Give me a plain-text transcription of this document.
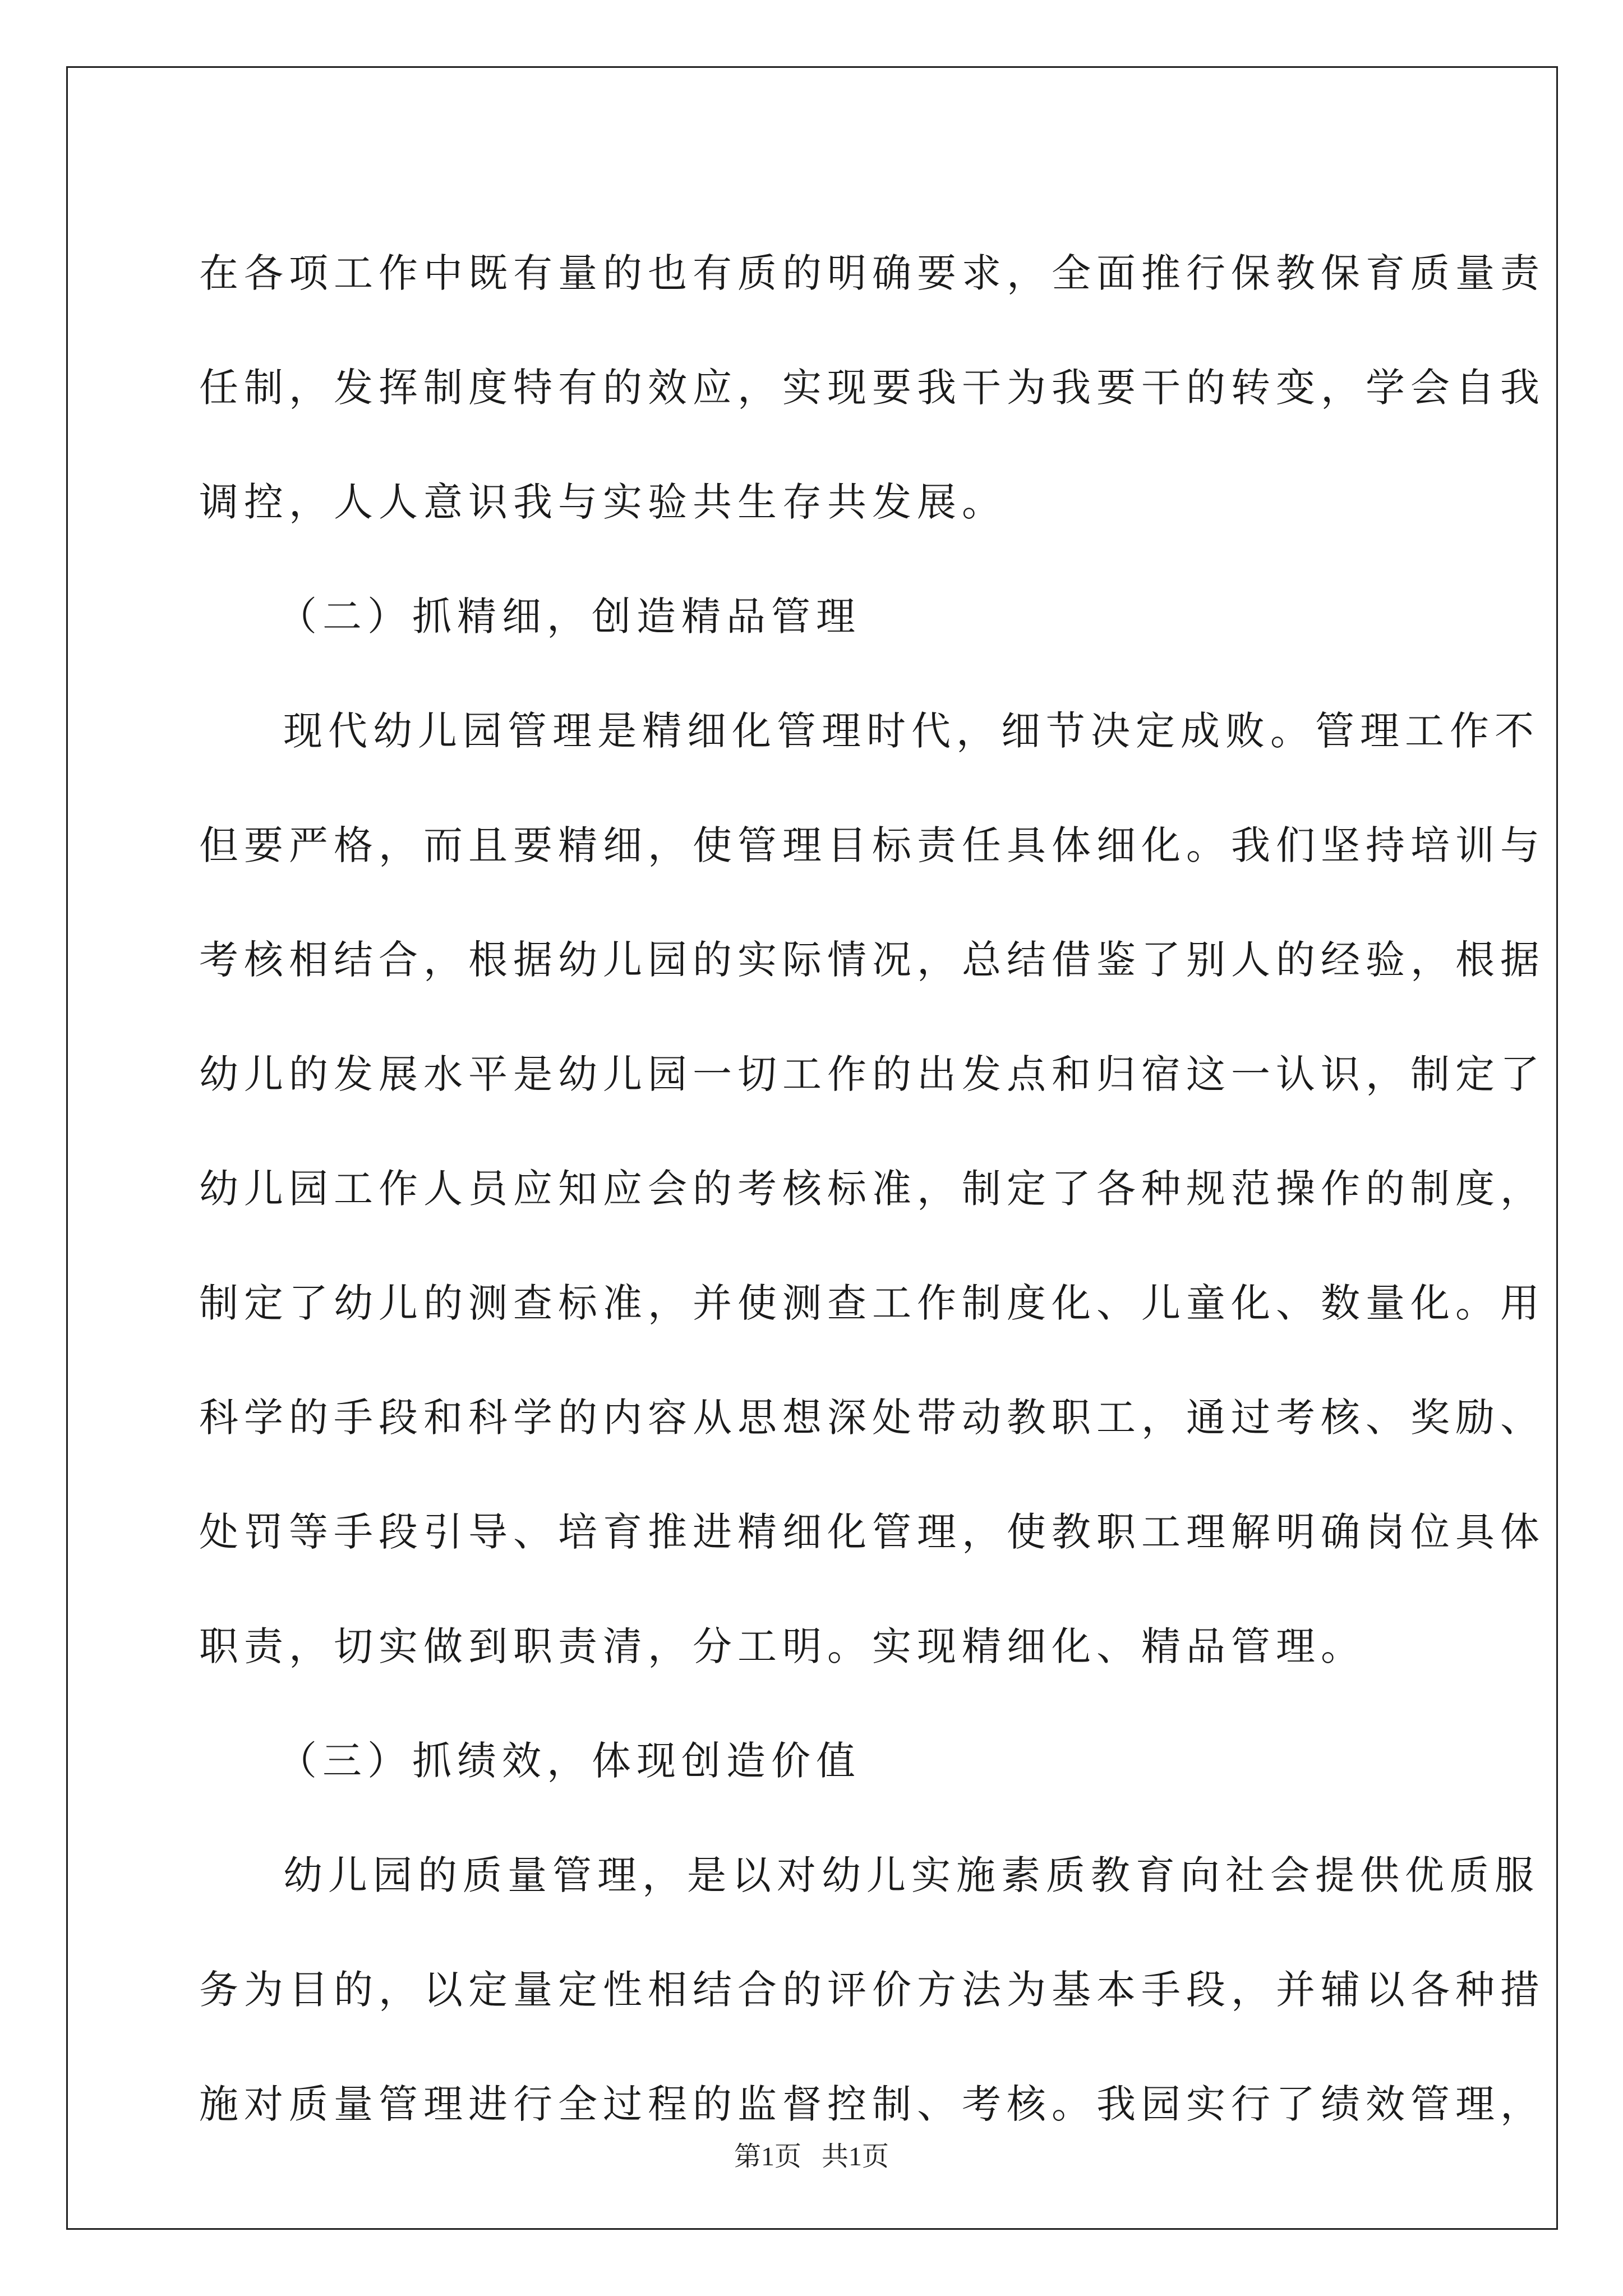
在各项工作中既有量的也有质的明确要求，全面推行保教保育质量责

任制，发挥制度特有的效应，实现要我干为我要干的转变，学会自我

调控，人人意识我与实验共生存共发展。

（二）抓精细，创造精品管理

现代幼儿园管理是精细化管理时代，细节决定成败。管理工作不

但要严格，而且要精细，使管理目标责任具体细化。我们坚持培训与

考核相结合，根据幼儿园的实际情况，总结借鉴了别人的经验，根据

幼儿的发展水平是幼儿园一切工作的出发点和归宿这一认识，制定了

幼儿园工作人员应知应会的考核标准，制定了各种规范操作的制度，

制定了幼儿的测查标准，并使测查工作制度化、儿童化、数量化。用

科学的手段和科学的内容从思想深处带动教职工，通过考核、奖励、

处罚等手段引导、培育推进精细化管理，使教职工理解明确岗位具体

职责，切实做到职责清，分工明。实现精细化、精品管理。

（三）抓绩效，体现创造价值

幼儿园的质量管理，是以对幼儿实施素质教育向社会提供优质服

务为目的，以定量定性相结合的评价方法为基本手段，并辅以各种措

施对质量管理进行全过程的监督控制、考核。我园实行了绩效管理，

第1页   共1页
